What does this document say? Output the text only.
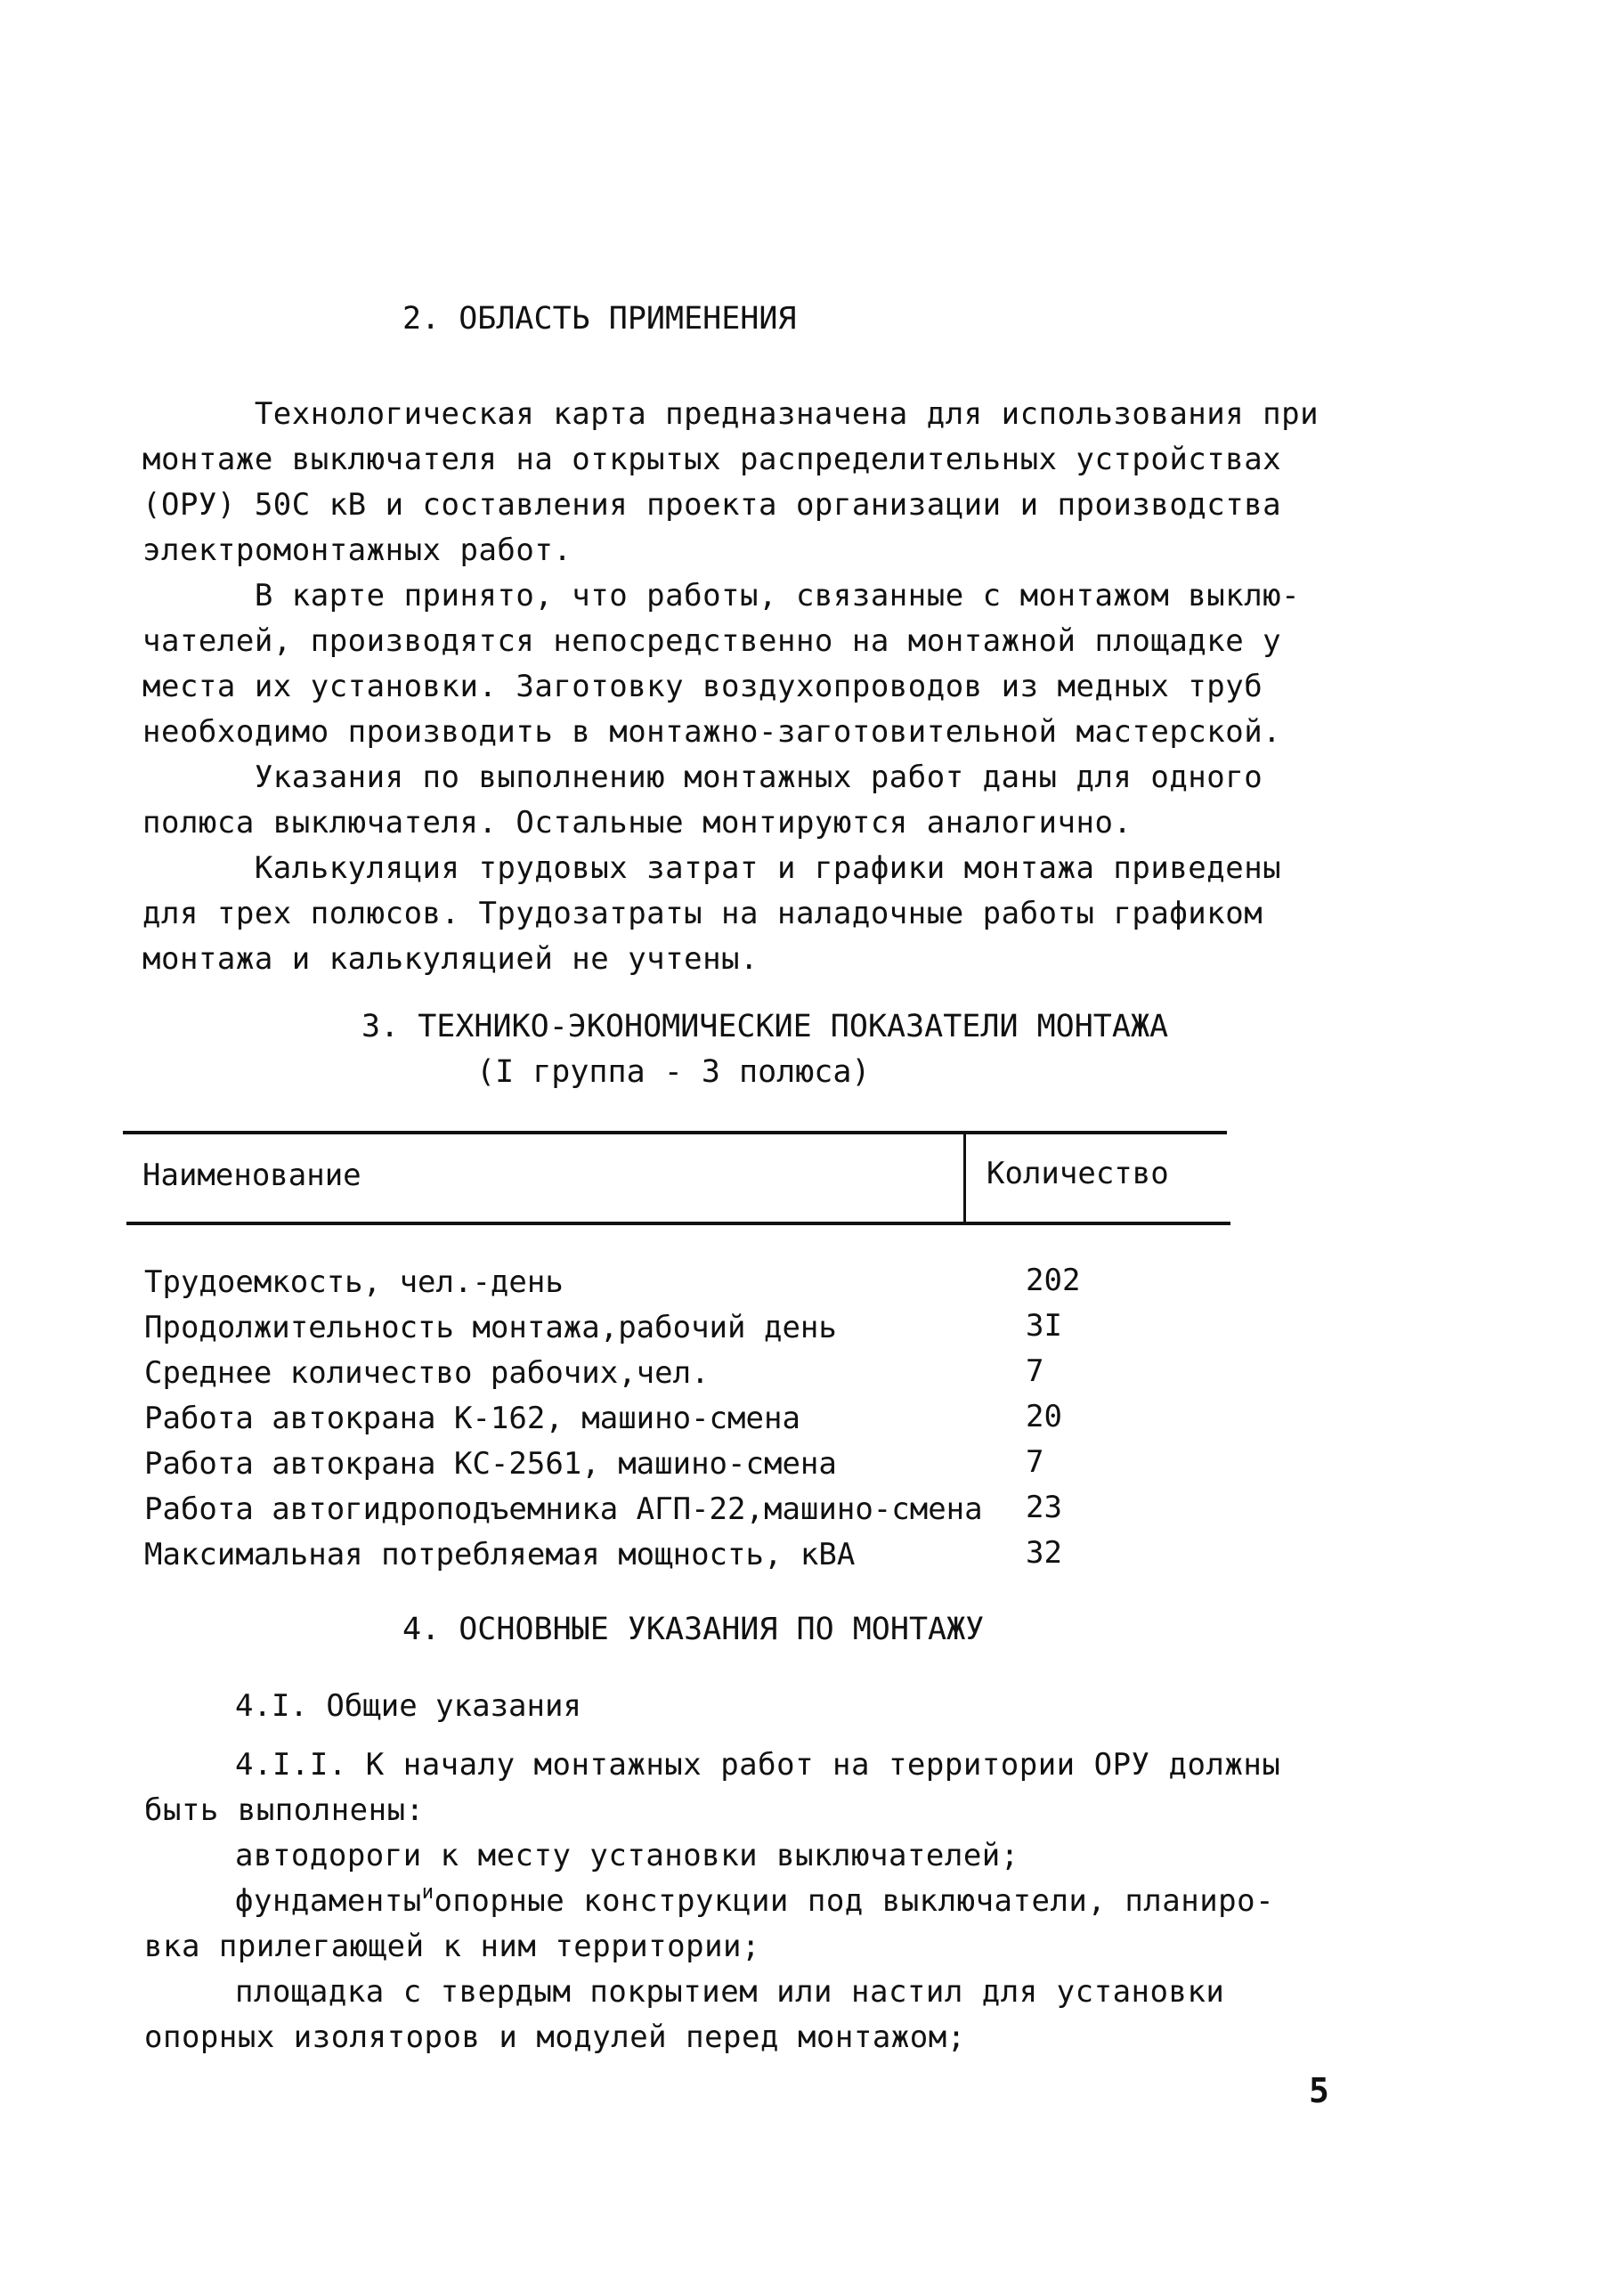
2. ОБЛАСТЬ ПРИМЕНЕНИЯ
Технологическая карта предназначена для использования при
монтаже выключателя на открытых распределительных устройствах
(ОРУ) 50С кВ и составления проекта организации и производства
электромонтажных работ.
В карте принято, что работы, связанные с монтажом выклю-
чателей, производятся непосредственно на монтажной площадке у
места их установки. Заготовку воздухопроводов из медных труб
необходимо производить в монтажно-заготовительной мастерской.
Указания по выполнению монтажных работ даны для одного
полюса выключателя. Остальные монтируются аналогично.
Калькуляция трудовых затрат и графики монтажа приведены
для трех полюсов. Трудозатраты на наладочные работы графиком
монтажа и калькуляцией не учтены.
3. ТЕХНИКО-ЭКОНОМИЧЕСКИЕ ПОКАЗАТЕЛИ МОНТАЖА
(I группа - 3 полюса)
Наименование	Количество
Трудоемкость, чел.-день	202
Продолжительность монтажа,рабочий день	3I
Среднее количество рабочих,чел.	7
Работа автокрана К-162, машино-смена	20
Работа автокрана КС-2561, машино-смена	7
Работа автогидроподъемника АГП-22,машино-смена 23
Максимальная потребляемая мощность, кВА	32
4. ОСНОВНЫЕ УКАЗАНИЯ ПО МОНТАЖУ
4.I. Общие указания
4.I.I. К началу монтажных работ на территории ОРУ должны
быть выполнены:
автодороги к месту установки выключателей;
фундаменты$^и$опорные конструкции под выключатели, планиро-
вка прилегающей к ним территории;
площадка с твердым покрытием или настил для установки
опорных изоляторов и модулей перед монтажом;
5
